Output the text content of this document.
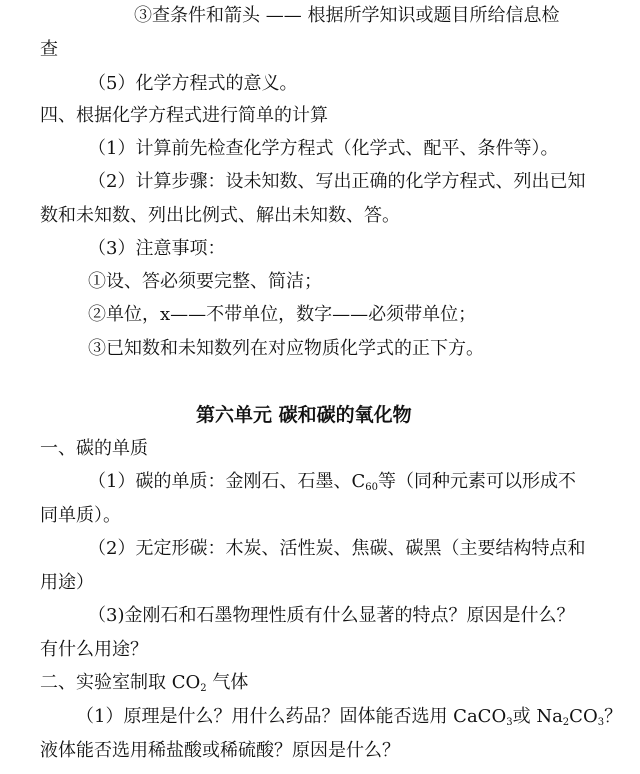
③查条件和箭头 —— 根据所学知识或题目所给信息检
查
（5）化学方程式的意义。
四、根据化学方程式进行简单的计算
（1）计算前先检查化学方程式（化学式、配平、条件等）。
（2）计算步骤：设未知数、写出正确的化学方程式、列出已知
数和未知数、列出比例式、解出未知数、答。
（3）注意事项：
①设、答必须要完整、简洁；
②单位，x——不带单位，数字——必须带单位；
③已知数和未知数列在对应物质化学式的正下方。
第六单元 碳和碳的氧化物
一、碳的单质
（1）碳的单质：金刚石、石墨、$C_{60}$等（同种元素可以形成不
同单质）。
（2）无定形碳：木炭、活性炭、焦碳、碳黑（主要结构特点和
用途）
（3)金刚石和石墨物理性质有什么显著的特点？原因是什么？
有什么用途？
二、实验室制取 $CO_2$ 气体
（1）原理是什么？用什么药品？固体能否选用 CaCO$_3$或 $Na_2CO_3$？
液体能否选用稀盐酸或稀硫酸？原因是什么？
